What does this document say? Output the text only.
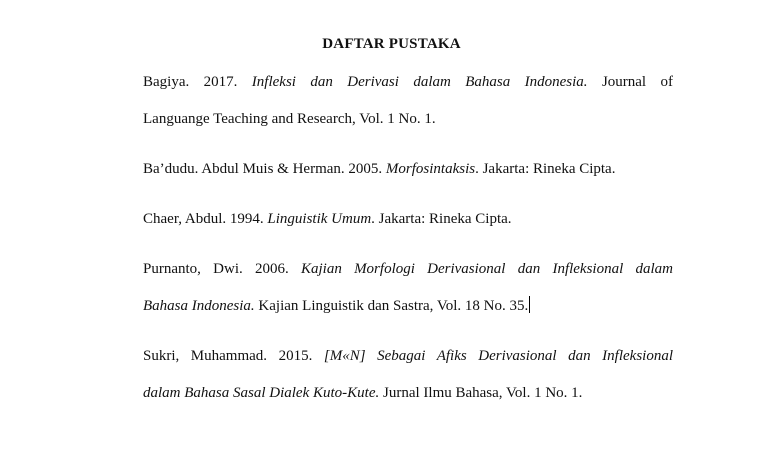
DAFTAR PUSTAKA
Bagiya. 2017. Infleksi dan Derivasi dalam Bahasa Indonesia. Journal of
Languange Teaching and Research, Vol. 1 No. 1.
Ba’dudu. Abdul Muis & Herman. 2005. Morfosintaksis. Jakarta: Rineka Cipta.
Chaer, Abdul. 1994. Linguistik Umum. Jakarta: Rineka Cipta.
Purnanto, Dwi. 2006. Kajian Morfologi Derivasional dan Infleksional dalam
Bahasa Indonesia. Kajian Linguistik dan Sastra, Vol. 18 No. 35.
Sukri, Muhammad. 2015. [M«N] Sebagai Afiks Derivasional dan Infleksional
dalam Bahasa Sasal Dialek Kuto-Kute. Jurnal Ilmu Bahasa, Vol. 1 No. 1.
